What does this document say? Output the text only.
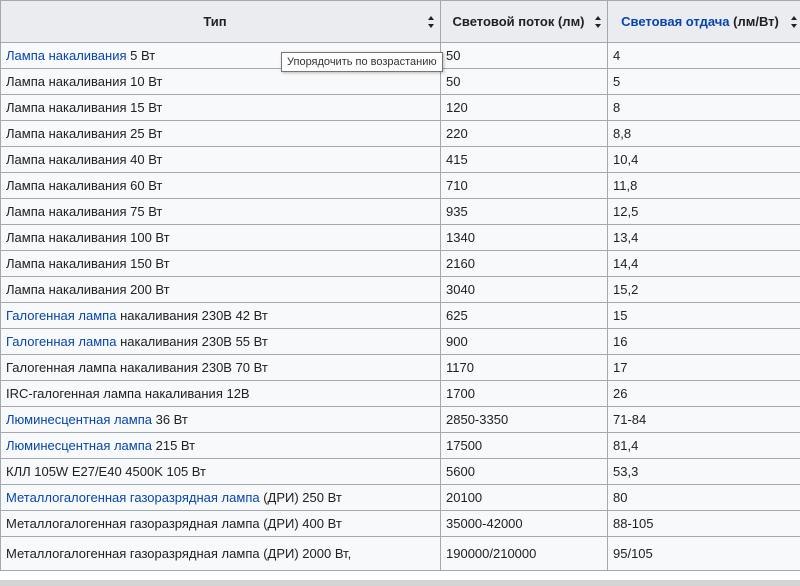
Тип	Световой поток (лм)	Световая отдача (лм/Вт)

Лампа накаливания 5 Вт	50	4
Лампа накаливания 10 Вт	50	5
Лампа накаливания 15 Вт	120	8
Лампа накаливания 25 Вт	220	8,8
Лампа накаливания 40 Вт	415	10,4
Лампа накаливания 60 Вт	710	11,8
Лампа накаливания 75 Вт	935	12,5
Лампа накаливания 100 Вт	1340	13,4
Лампа накаливания 150 Вт	2160	14,4
Лампа накаливания 200 Вт	3040	15,2
Галогенная лампа накаливания 230В 42 Вт	625	15
Галогенная лампа накаливания 230В 55 Вт	900	16
Галогенная лампа накаливания 230В 70 Вт	1170	17
IRC-галогенная лампа накаливания 12В	1700	26
Люминесцентная лампа 36 Вт	2850-3350	71-84
Люминесцентная лампа 215 Вт	17500	81,4
КЛЛ 105W E27/E40 4500K 105 Вт	5600	53,3
Металлогалогенная газоразрядная лампа (ДРИ) 250 Вт	20100	80
Металлогалогенная газоразрядная лампа (ДРИ) 400 Вт	35000-42000	88-105
Металлогалогенная газоразрядная лампа (ДРИ) 2000 Вт,	190000/210000	95/105
Упорядочить по возрастанию
